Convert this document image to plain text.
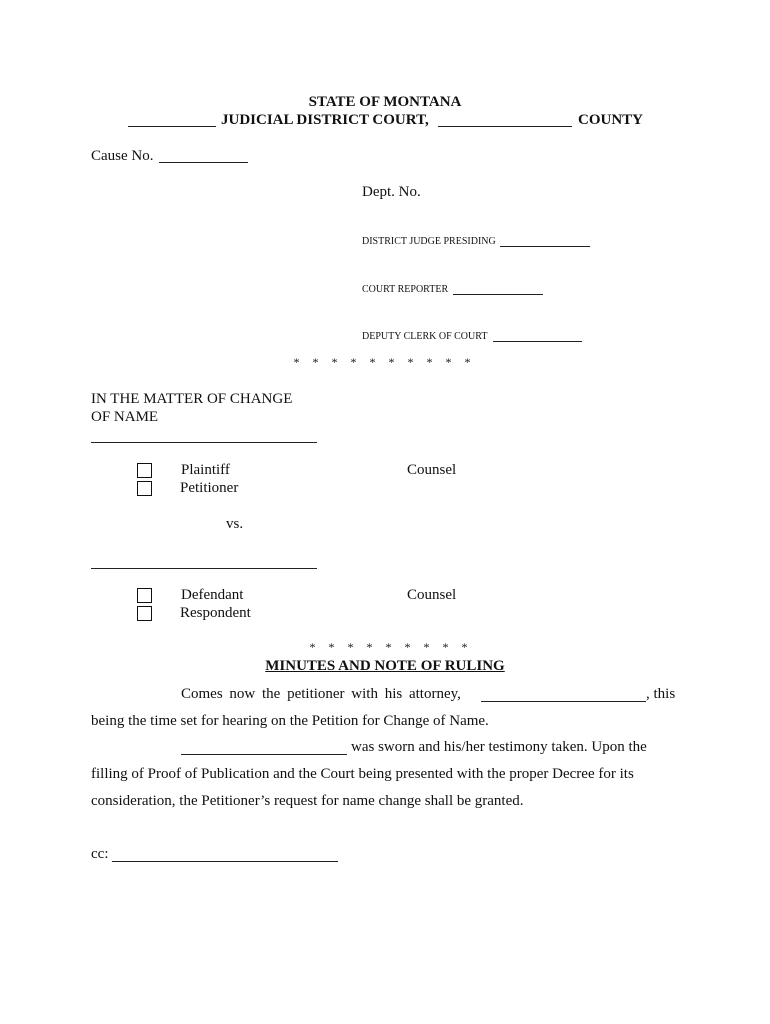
STATE OF MONTANA
JUDICIAL DISTRICT COURT,	COUNTY
Cause No.
Dept. No.
DISTRICT JUDGE PRESIDING
COURT REPORTER
DEPUTY CLERK OF COURT
* * * * * * * * * *
IN THE MATTER OF CHANGE
OF NAME
Plaintiff
Petitioner
Counsel
vs.
Defendant
Respondent
Counsel
* * * * * * * * *
MINUTES AND NOTE OF RULING
Comes now the petitioner with his attorney,	, this
being the time set for hearing on the Petition for Change of Name.
was sworn and his/her testimony taken. Upon the
filling of Proof of Publication and the Court being presented with the proper Decree for its
consideration, the Petitioner’s request for name change shall be granted.
cc:
